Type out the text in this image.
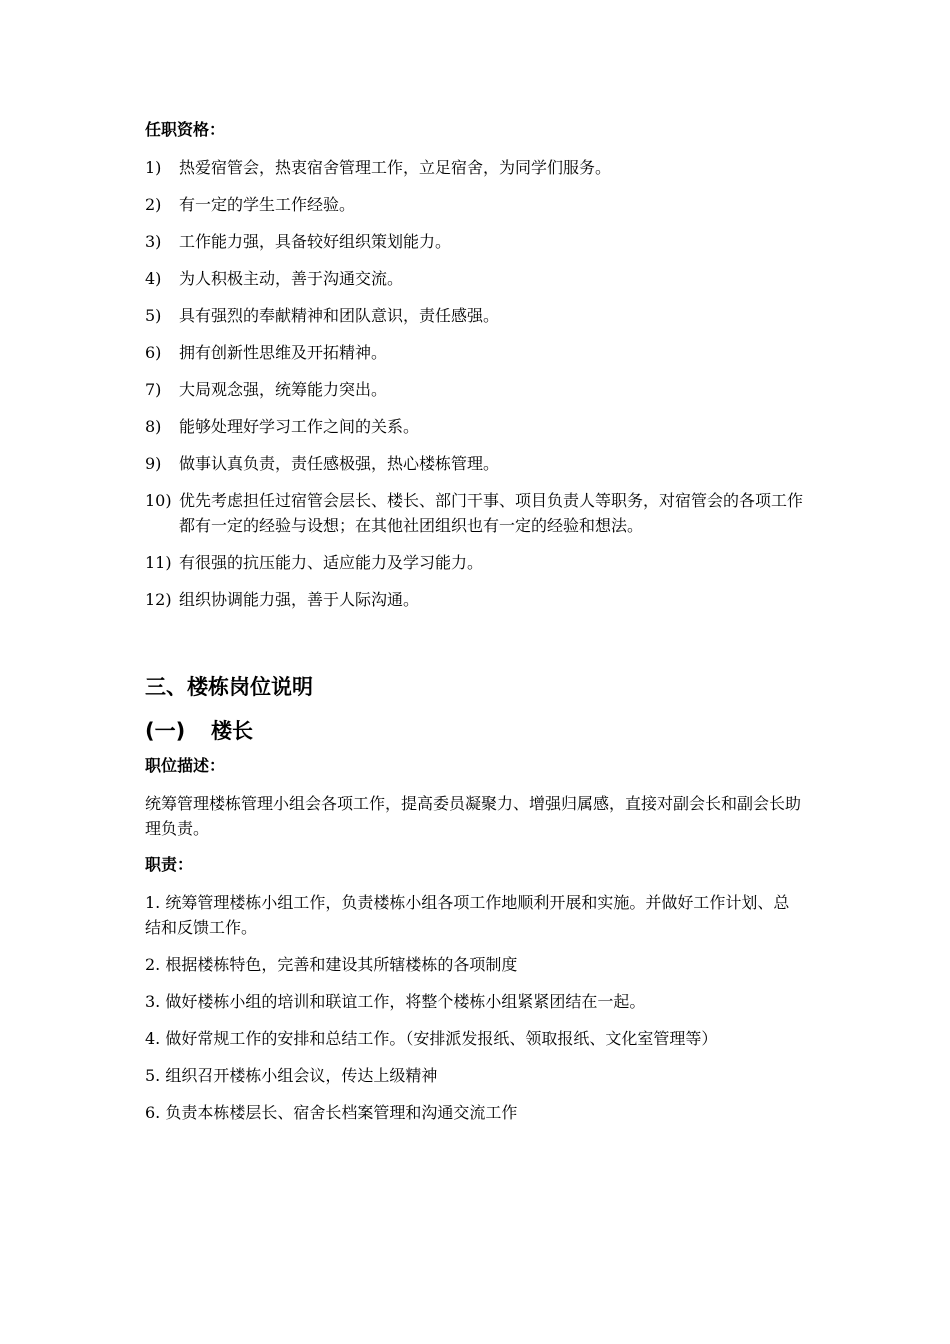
任职资格：
1)	热爱宿管会，热衷宿舍管理工作，立足宿舍，为同学们服务。
2)	有一定的学生工作经验。
3)	工作能力强，具备较好组织策划能力。
4)	为人积极主动，善于沟通交流。
5)	具有强烈的奉献精神和团队意识，责任感强。
6)	拥有创新性思维及开拓精神。
7)	大局观念强，统筹能力突出。
8)	能够处理好学习工作之间的关系。
9)	做事认真负责，责任感极强，热心楼栋管理。
10) 优先考虑担任过宿管会层长、楼长、部门干事、项目负责人等职务，对宿管会的各项工作都有一定的经验与设想；在其他社团组织也有一定的经验和想法。
11) 有很强的抗压能力、适应能力及学习能力。
12) 组织协调能力强，善于人际沟通。
三、楼栋岗位说明
(一)	楼长
职位描述：
统筹管理楼栋管理小组会各项工作，提高委员凝聚力、增强归属感，直接对副会长和副会长助理负责。
职责：
1. 统筹管理楼栋小组工作，负责楼栋小组各项工作地顺利开展和实施。并做好工作计划、总结和反馈工作。
2. 根据楼栋特色，完善和建设其所辖楼栋的各项制度
3. 做好楼栋小组的培训和联谊工作，将整个楼栋小组紧紧团结在一起。
4. 做好常规工作的安排和总结工作。（安排派发报纸、领取报纸、文化室管理等）
5. 组织召开楼栋小组会议，传达上级精神
6. 负责本栋楼层长、宿舍长档案管理和沟通交流工作
